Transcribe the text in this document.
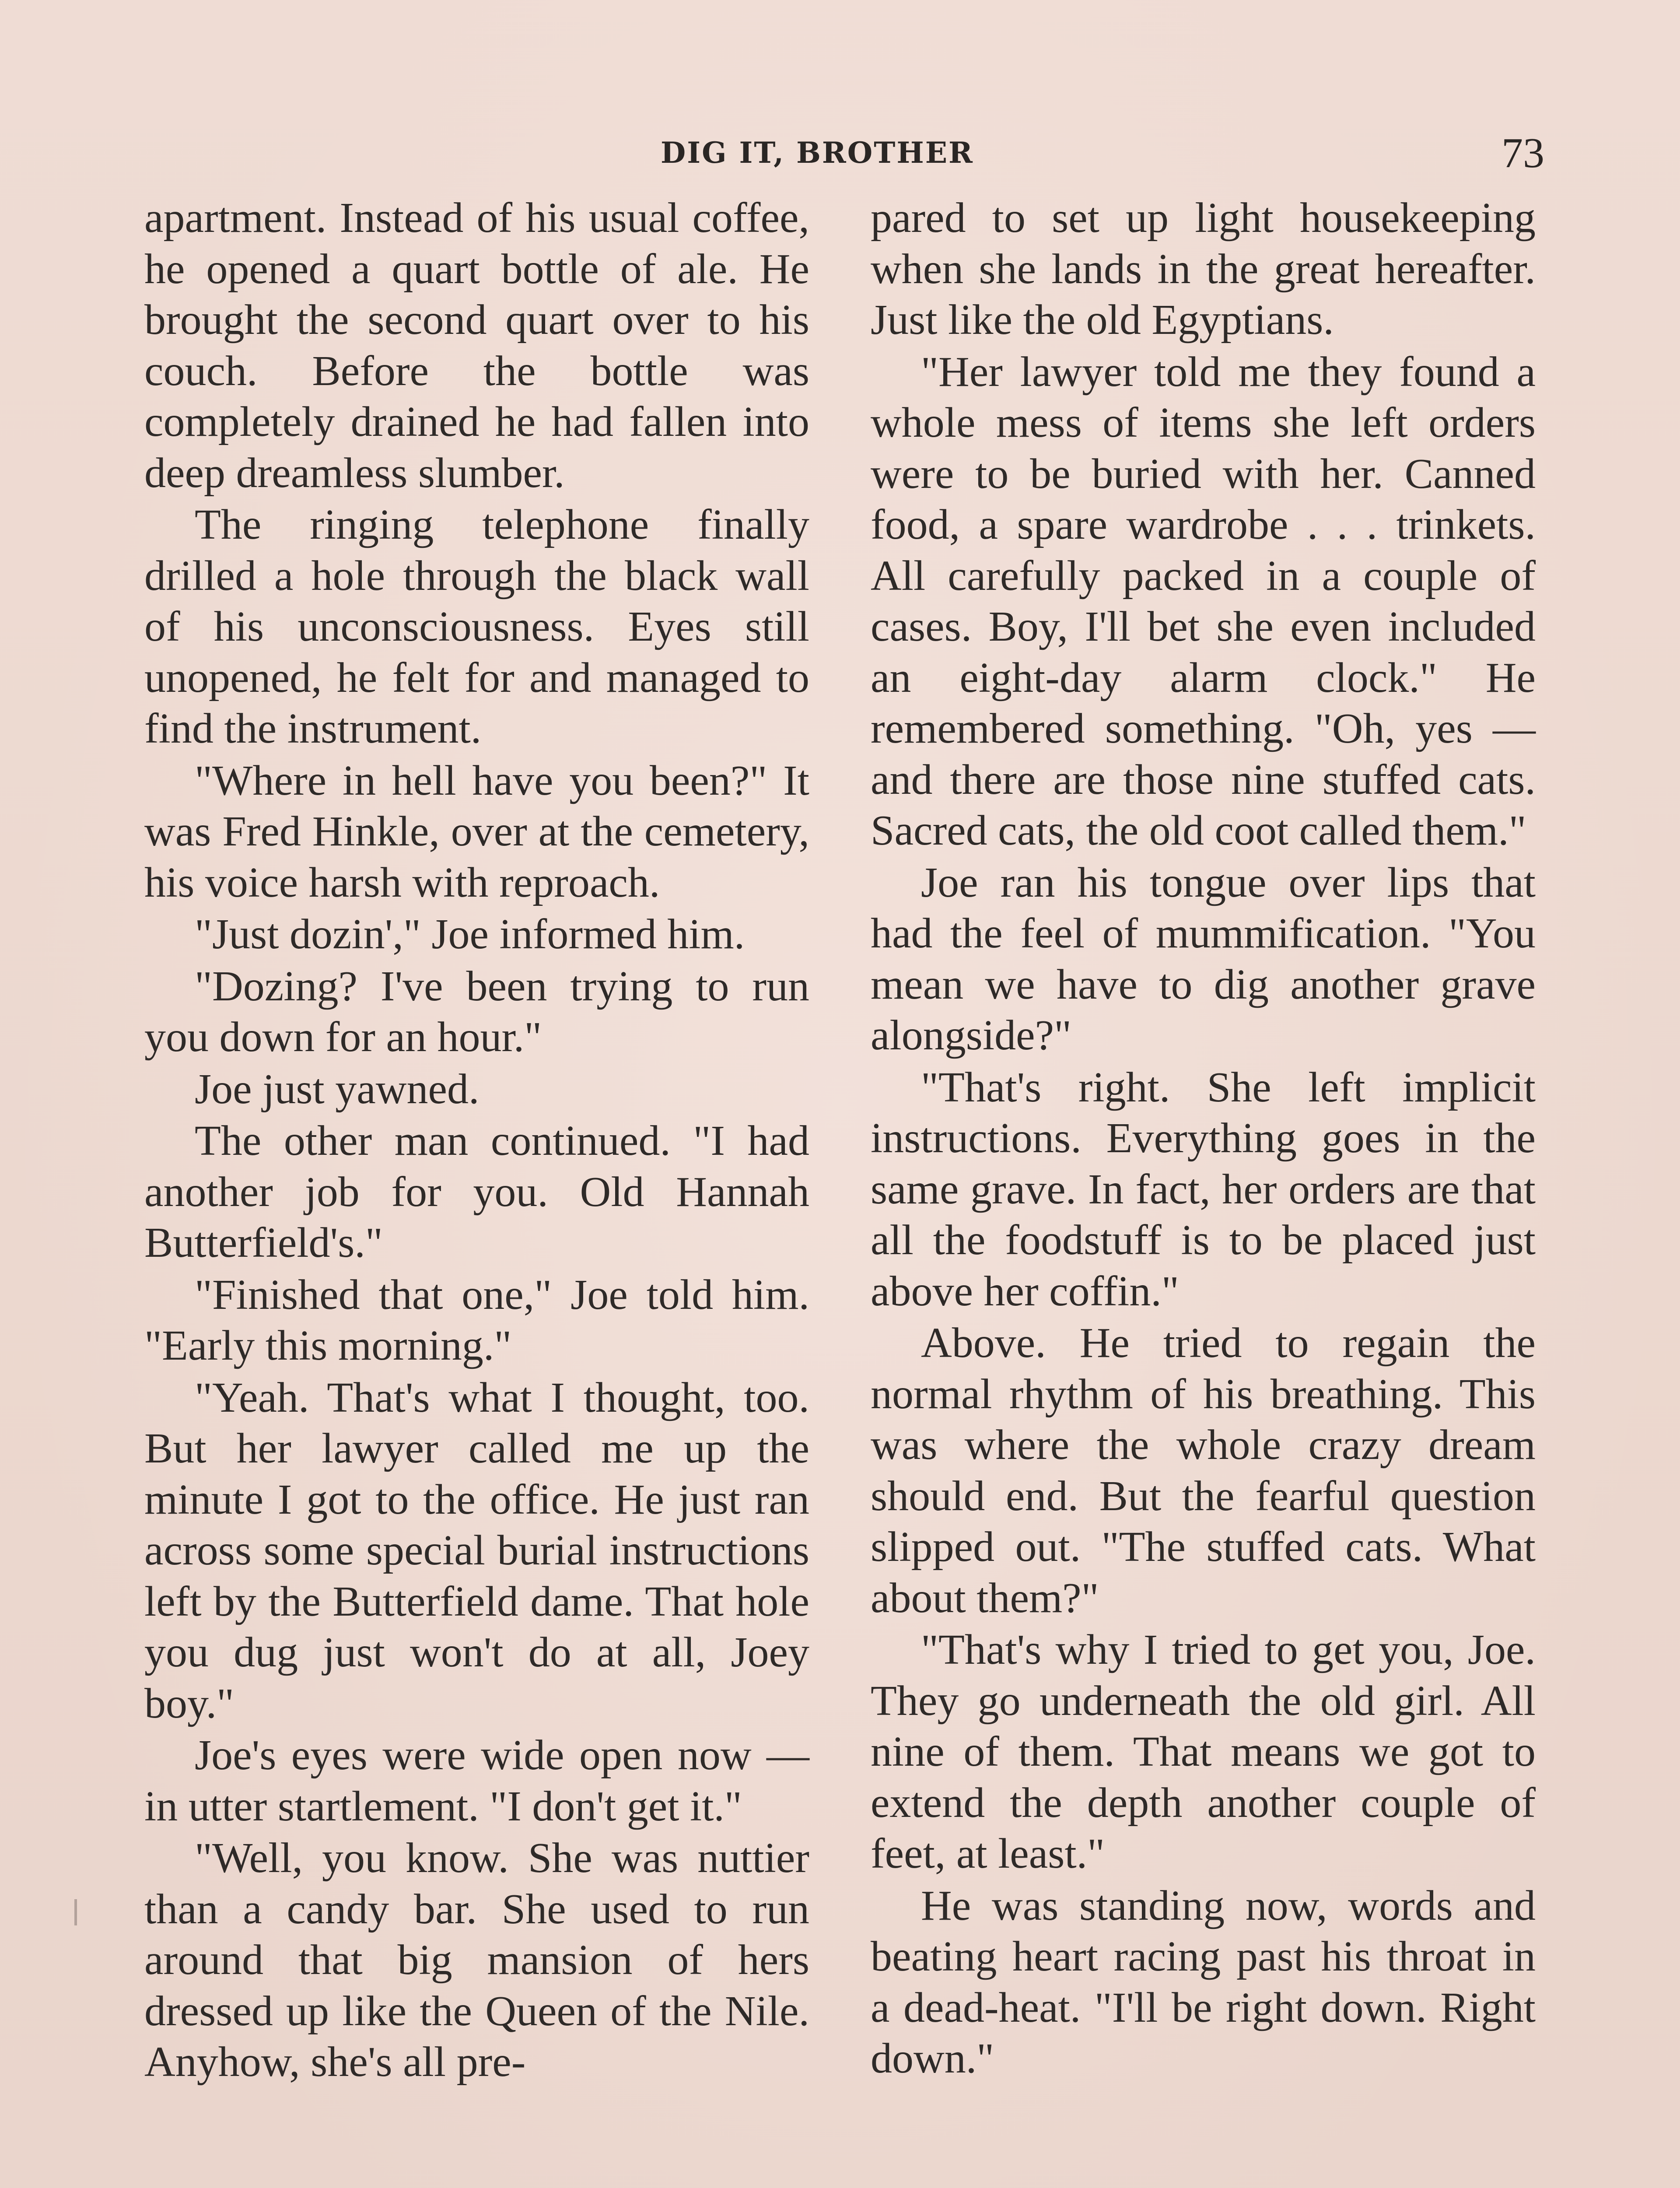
DIG IT, BROTHER	73

apartment. Instead of his usual coffee, he opened a quart bottle of ale. He brought the second quart over to his couch. Before the bottle was completely drained he had fallen into deep dreamless slumber.

The ringing telephone finally drilled a hole through the black wall of his unconsciousness. Eyes still unopened, he felt for and managed to find the instrument.

"Where in hell have you been?" It was Fred Hinkle, over at the cemetery, his voice harsh with reproach.

"Just dozin'," Joe informed him.

"Dozing? I've been trying to run you down for an hour."

Joe just yawned.

The other man continued. "I had another job for you. Old Hannah Butterfield's."

"Finished that one," Joe told him. "Early this morning."

"Yeah. That's what I thought, too. But her lawyer called me up the minute I got to the office. He just ran across some special burial instructions left by the Butterfield dame. That hole you dug just won't do at all, Joey boy."

Joe's eyes were wide open now —in utter startlement. "I don't get it."

"Well, you know. She was nuttier than a candy bar. She used to run around that big mansion of hers dressed up like the Queen of the Nile. Anyhow, she's all pre-

pared to set up light housekeeping when she lands in the great hereafter. Just like the old Egyptians.

"Her lawyer told me they found a whole mess of items she left orders were to be buried with her. Canned food, a spare wardrobe . . . trinkets. All carefully packed in a couple of cases. Boy, I'll bet she even included an eight-day alarm clock." He remembered something. "Oh, yes —and there are those nine stuffed cats. Sacred cats, the old coot called them."

Joe ran his tongue over lips that had the feel of mummification. "You mean we have to dig another grave alongside?"

"That's right. She left implicit instructions. Everything goes in the same grave. In fact, her orders are that all the foodstuff is to be placed just above her coffin."

Above. He tried to regain the normal rhythm of his breathing. This was where the whole crazy dream should end. But the fearful question slipped out. "The stuffed cats. What about them?"

"That's why I tried to get you, Joe. They go underneath the old girl. All nine of them. That means we got to extend the depth another couple of feet, at least."

He was standing now, words and beating heart racing past his throat in a dead-heat. "I'll be right down. Right down."
